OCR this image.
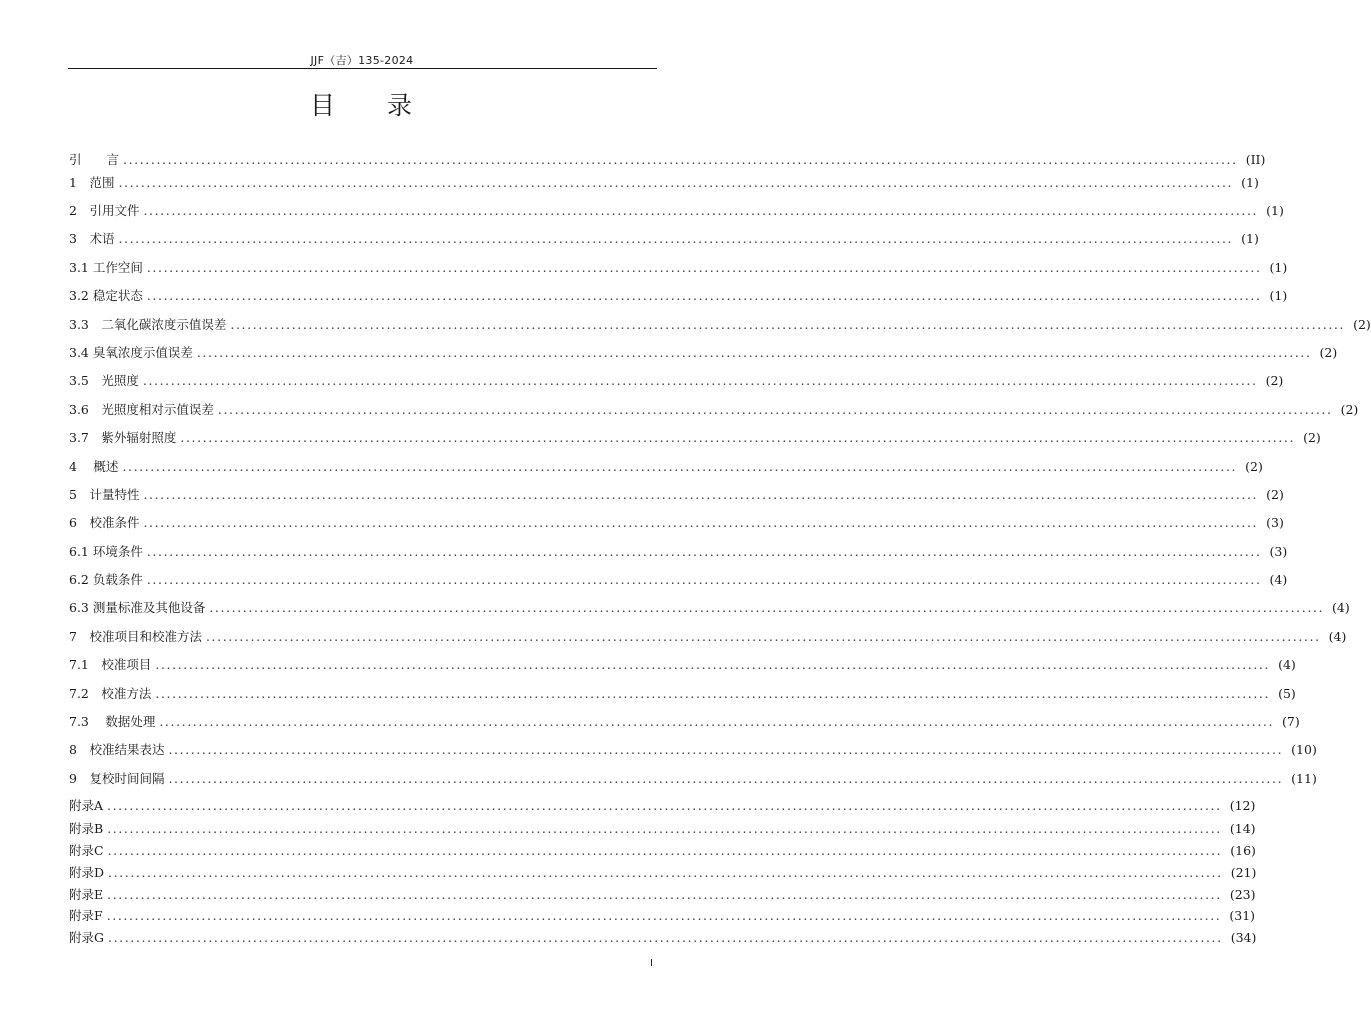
JJF（吉）135-2024
目 录
引　　言 ........................................................................................................................................................................................................ (II)
1　范围 ........................................................................................................................................................................................................ (1)
2　引用文件 ........................................................................................................................................................................................................ (1)
3　术语 ........................................................................................................................................................................................................ (1)
3.1 工作空间 ........................................................................................................................................................................................................ (1)
3.2 稳定状态 ........................................................................................................................................................................................................ (1)
3.3　二氧化碳浓度示值误差 ........................................................................................................................................................................................................ (2)
3.4 臭氧浓度示值误差 ........................................................................................................................................................................................................ (2)
3.5　光照度 ........................................................................................................................................................................................................ (2)
3.6　光照度相对示值误差 ........................................................................................................................................................................................................ (2)
3.7　紫外辐射照度 ........................................................................................................................................................................................................ (2)
4　 概述 ........................................................................................................................................................................................................ (2)
5　计量特性 ........................................................................................................................................................................................................ (2)
6　校准条件 ........................................................................................................................................................................................................ (3)
6.1 环境条件 ........................................................................................................................................................................................................ (3)
6.2 负载条件 ........................................................................................................................................................................................................ (4)
6.3 测量标准及其他设备 ........................................................................................................................................................................................................ (4)
7　校准项目和校准方法 ........................................................................................................................................................................................................ (4)
7.1　校准项目 ........................................................................................................................................................................................................ (4)
7.2　校准方法 ........................................................................................................................................................................................................ (5)
7.3　 数据处理 ........................................................................................................................................................................................................ (7)
8　校准结果表达 ........................................................................................................................................................................................................ (10)
9　复校时间间隔 ........................................................................................................................................................................................................ (11)
附录A ........................................................................................................................................................................................................ (12)
附录B ........................................................................................................................................................................................................ (14)
附录C ........................................................................................................................................................................................................ (16)
附录D ........................................................................................................................................................................................................ (21)
附录E ........................................................................................................................................................................................................ (23)
附录F ........................................................................................................................................................................................................ (31)
附录G ........................................................................................................................................................................................................ (34)
I
